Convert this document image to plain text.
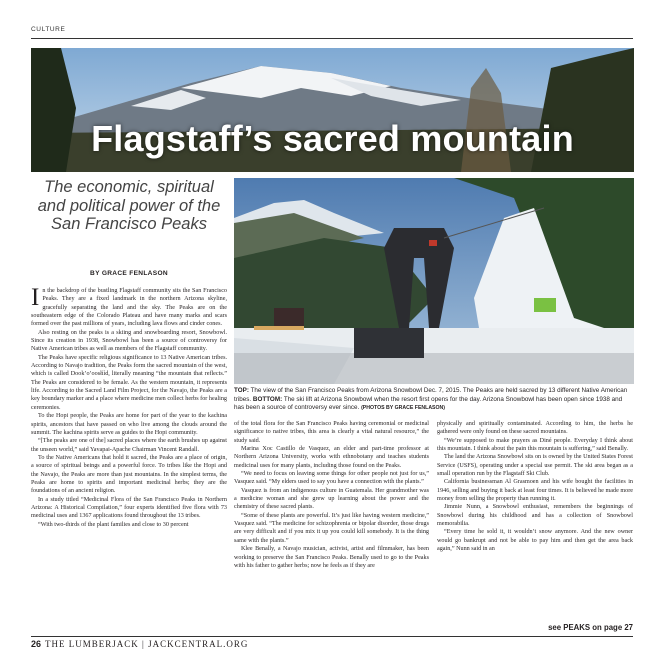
CULTURE
Flagstaff’s sacred mountain
The economic, spiritual and political power of the San Francisco Peaks
BY GRACE FENLASON

In the backdrop of the bustling Flagstaff community sits the San Francisco Peaks. They are a fixed landmark in the northern Arizona skyline, gracefully separating the land and the sky. The Peaks are on the southeastern edge of the Colorado Plateau and have many marks and scars formed over the past millions of years, including lava flows and cinder cones.

Also resting on the peaks is a skiing and snowboarding resort, Snowbowl. Since its creation in 1938, Snowbowl has been a source of controversy for Native American tribes as well as members of the Flagstaff community.

The Peaks have specific religious significance to 13 Native American tribes. According to Navajo tradition, the Peaks form the sacred mountain of the west, which is called Dook’o’oosłííd, literally meaning “the mountain that reflects.” The Peaks are considered to be female. As the western mountain, it represents life. According to the Sacred Land Film Project, for the Navajo, the Peaks are a key boundary marker and a place where medicine men collect herbs for healing ceremonies.

To the Hopi people, the Peaks are home for part of the year to the kachina spirits, ancestors that have passed on who live among the clouds around the summit. The kachina spirits serve as guides to the Hopi community.

“[The peaks are one of the] sacred places where the earth brushes up against the unseen world,” said Yavapai-Apache Chairman Vincent Randall.

To the Native Americans that hold it sacred, the Peaks are a place of origin, a source of spiritual beings and a powerful force. To tribes like the Hopi and the Navajo, the Peaks are more than just mountains. In the simplest terms, the Peaks are home to spirits and important medicinal herbs; they are the foundations of an ancient religion.

In a study titled “Medicinal Flora of the San Francisco Peaks in Northern Arizona: A Historical Compilation,” four experts identified five flora with 73 medicinal uses and 1367 applications found throughout the 13 tribes.

“With two-thirds of the plant families and close to 30 percent

TOP: The view of the San Francisco Peaks from Arizona Snowbowl Dec. 7, 2015. The Peaks are held sacred by 13 different Native American tribes. BOTTOM: The ski lift at Arizona Snowbowl when the resort first opens for the day. Arizona Snowbowl has been open since 1938 and has been a source of controversy ever since. (PHOTOS BY GRACE FENLASON)

of the total flora for the San Francisco Peaks having ceremonial or medicinal significance to native tribes, this area is clearly a vital natural resource,” the study said.

Marina Xoc Castillo de Vasquez, an elder and part-time professor at Northern Arizona University, works with ethnobotany and teaches students medicinal uses for many plants, including those found on the Peaks.

“We need to focus on leaving some things for other people not just for us,” Vasquez said. “My elders used to say you have a connection with the plants.”

Vasquez is from an indigenous culture in Guatemala. Her grandmother was a medicine woman and she grew up learning about the power and the chemistry of these sacred plants.

“Some of these plants are powerful. It’s just like having western medicine,” Vasquez said. “The medicine for schizophrenia or bipolar disorder, those drugs are very difficult and if you mix it up you could kill somebody. It is the thing same with the plants.”

Klee Benally, a Navajo musician, activist, artist and filmmaker, has been working to preserve the San Francisco Peaks. Benally used to go to the Peaks with his father to gather herbs; now he feels as if they are

physically and spiritually contaminated. According to him, the herbs he gathered were only found on these sacred mountains.

“We’re supposed to make prayers as Diné people. Everyday I think about this mountain. I think about the pain this mountain is suffering,” said Benally.

The land the Arizona Snowbowl sits on is owned by the United States Forest Service (USFS), operating under a special use permit. The ski area began as a small operation run by the Flagstaff Ski Club.

California businessman Al Grasmoen and his wife bought the facilities in 1946, selling and buying it back at least four times. It is believed he made more money from selling the property than running it.

Jimmie Nunn, a Snowbowl enthusiast, remembers the beginnings of Snowbowl during his childhood and has a collection of Snowbowl memorabilia.

“Every time he sold it, it wouldn’t snow anymore. And the new owner would go bankrupt and not be able to pay him and then get the area back again,” Nunn said in an

see PEAKS on page 27
26 THE LUMBERJACK | JACKCENTRAL.ORG
